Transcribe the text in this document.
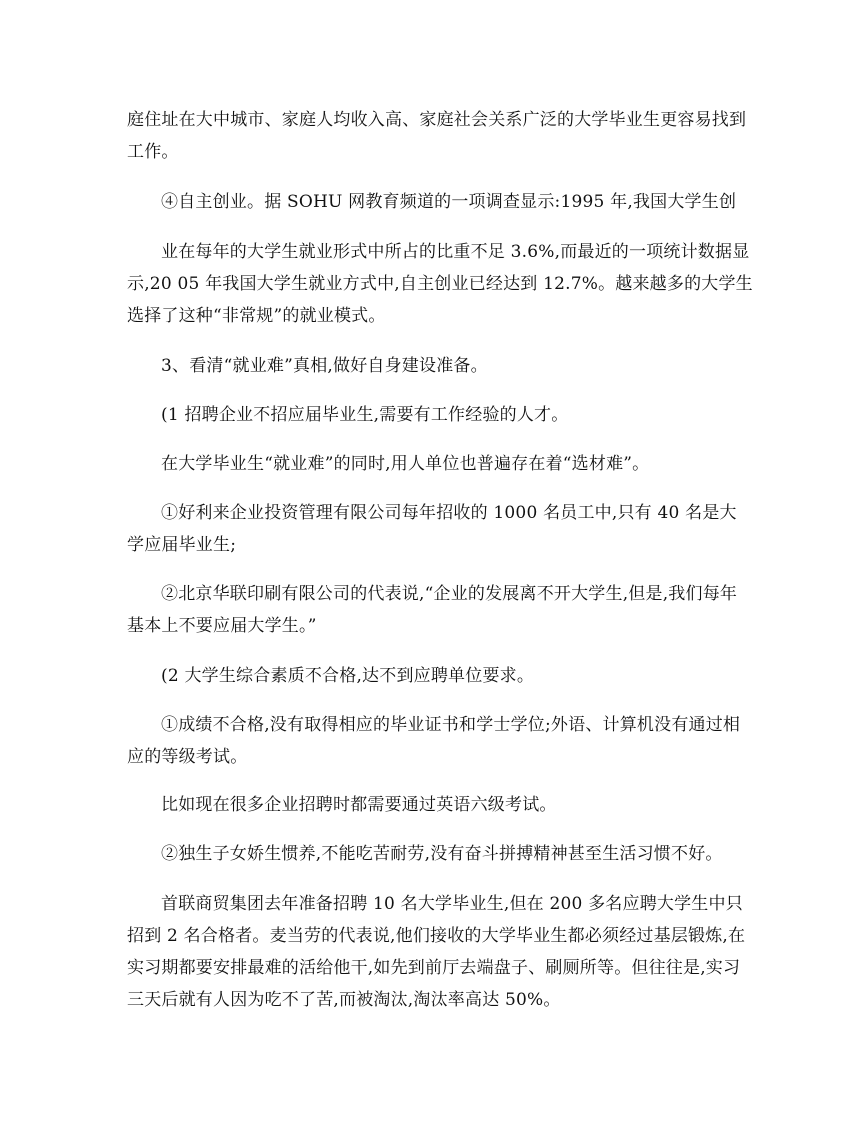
庭住址在大中城市、家庭人均收入高、家庭社会关系广泛的大学毕业生更容易找到工作。

④自主创业。据 SOHU 网教育频道的一项调查显示:1995 年,我国大学生创

业在每年的大学生就业形式中所占的比重不足 3.6%,而最近的一项统计数据显示,20 05 年我国大学生就业方式中,自主创业已经达到 12.7%。越来越多的大学生选择了这种“非常规”的就业模式。

3、看清“就业难”真相,做好自身建设准备。

(1 招聘企业不招应届毕业生,需要有工作经验的人才。

在大学毕业生“就业难”的同时,用人单位也普遍存在着“选材难”。

①好利来企业投资管理有限公司每年招收的 1000 名员工中,只有 40 名是大学应届毕业生;

②北京华联印刷有限公司的代表说,“企业的发展离不开大学生,但是,我们每年基本上不要应届大学生。”

(2 大学生综合素质不合格,达不到应聘单位要求。

①成绩不合格,没有取得相应的毕业证书和学士学位;外语、计算机没有通过相应的等级考试。

比如现在很多企业招聘时都需要通过英语六级考试。

②独生子女娇生惯养,不能吃苦耐劳,没有奋斗拼搏精神甚至生活习惯不好。

首联商贸集团去年准备招聘 10 名大学毕业生,但在 200 多名应聘大学生中只招到 2 名合格者。麦当劳的代表说,他们接收的大学毕业生都必须经过基层锻炼,在实习期都要安排最难的活给他干,如先到前厅去端盘子、刷厕所等。但往往是,实习三天后就有人因为吃不了苦,而被淘汰,淘汰率高达 50%。
